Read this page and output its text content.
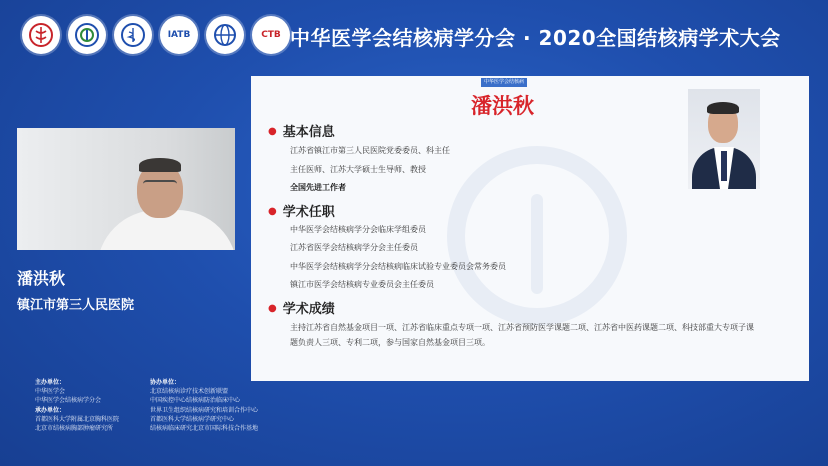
IATB	CTB 中华医学会结核病学分会 · 2020全国结核病学术大会
潘洪秋
镇江市第三人民医院
中华医学会结核病
潘洪秋
● 基本信息
江苏省镇江市第三人民医院党委委员、科主任
主任医师、江苏大学硕士生导师、教授
全国先进工作者
● 学术任职
中华医学会结核病学分会临床学组委员
江苏省医学会结核病学分会主任委员
中华医学会结核病学分会结核病临床试验专业委员会常务委员
镇江市医学会结核病专业委员会主任委员
● 学术成绩
主持江苏省自然基金项目一项、江苏省临床重点专项一项、江苏省预防医学课题二项、江苏省中医药课题二项、科技部重大专项子课题负责人三项、专利二项，参与国家自然基金项目三项。
主办单位：
中华医学会
中华医学会结核病学分会
承办单位：
首都医科大学附属北京胸科医院
北京市结核病胸部肿瘤研究所
协办单位：
北京结核病诊疗技术创新联盟
中国疾控中心结核病防治临床中心
世界卫生组织结核病研究和培训合作中心
首都医科大学结核病学研究中心
结核病临床研究北京市国际科技合作基地
